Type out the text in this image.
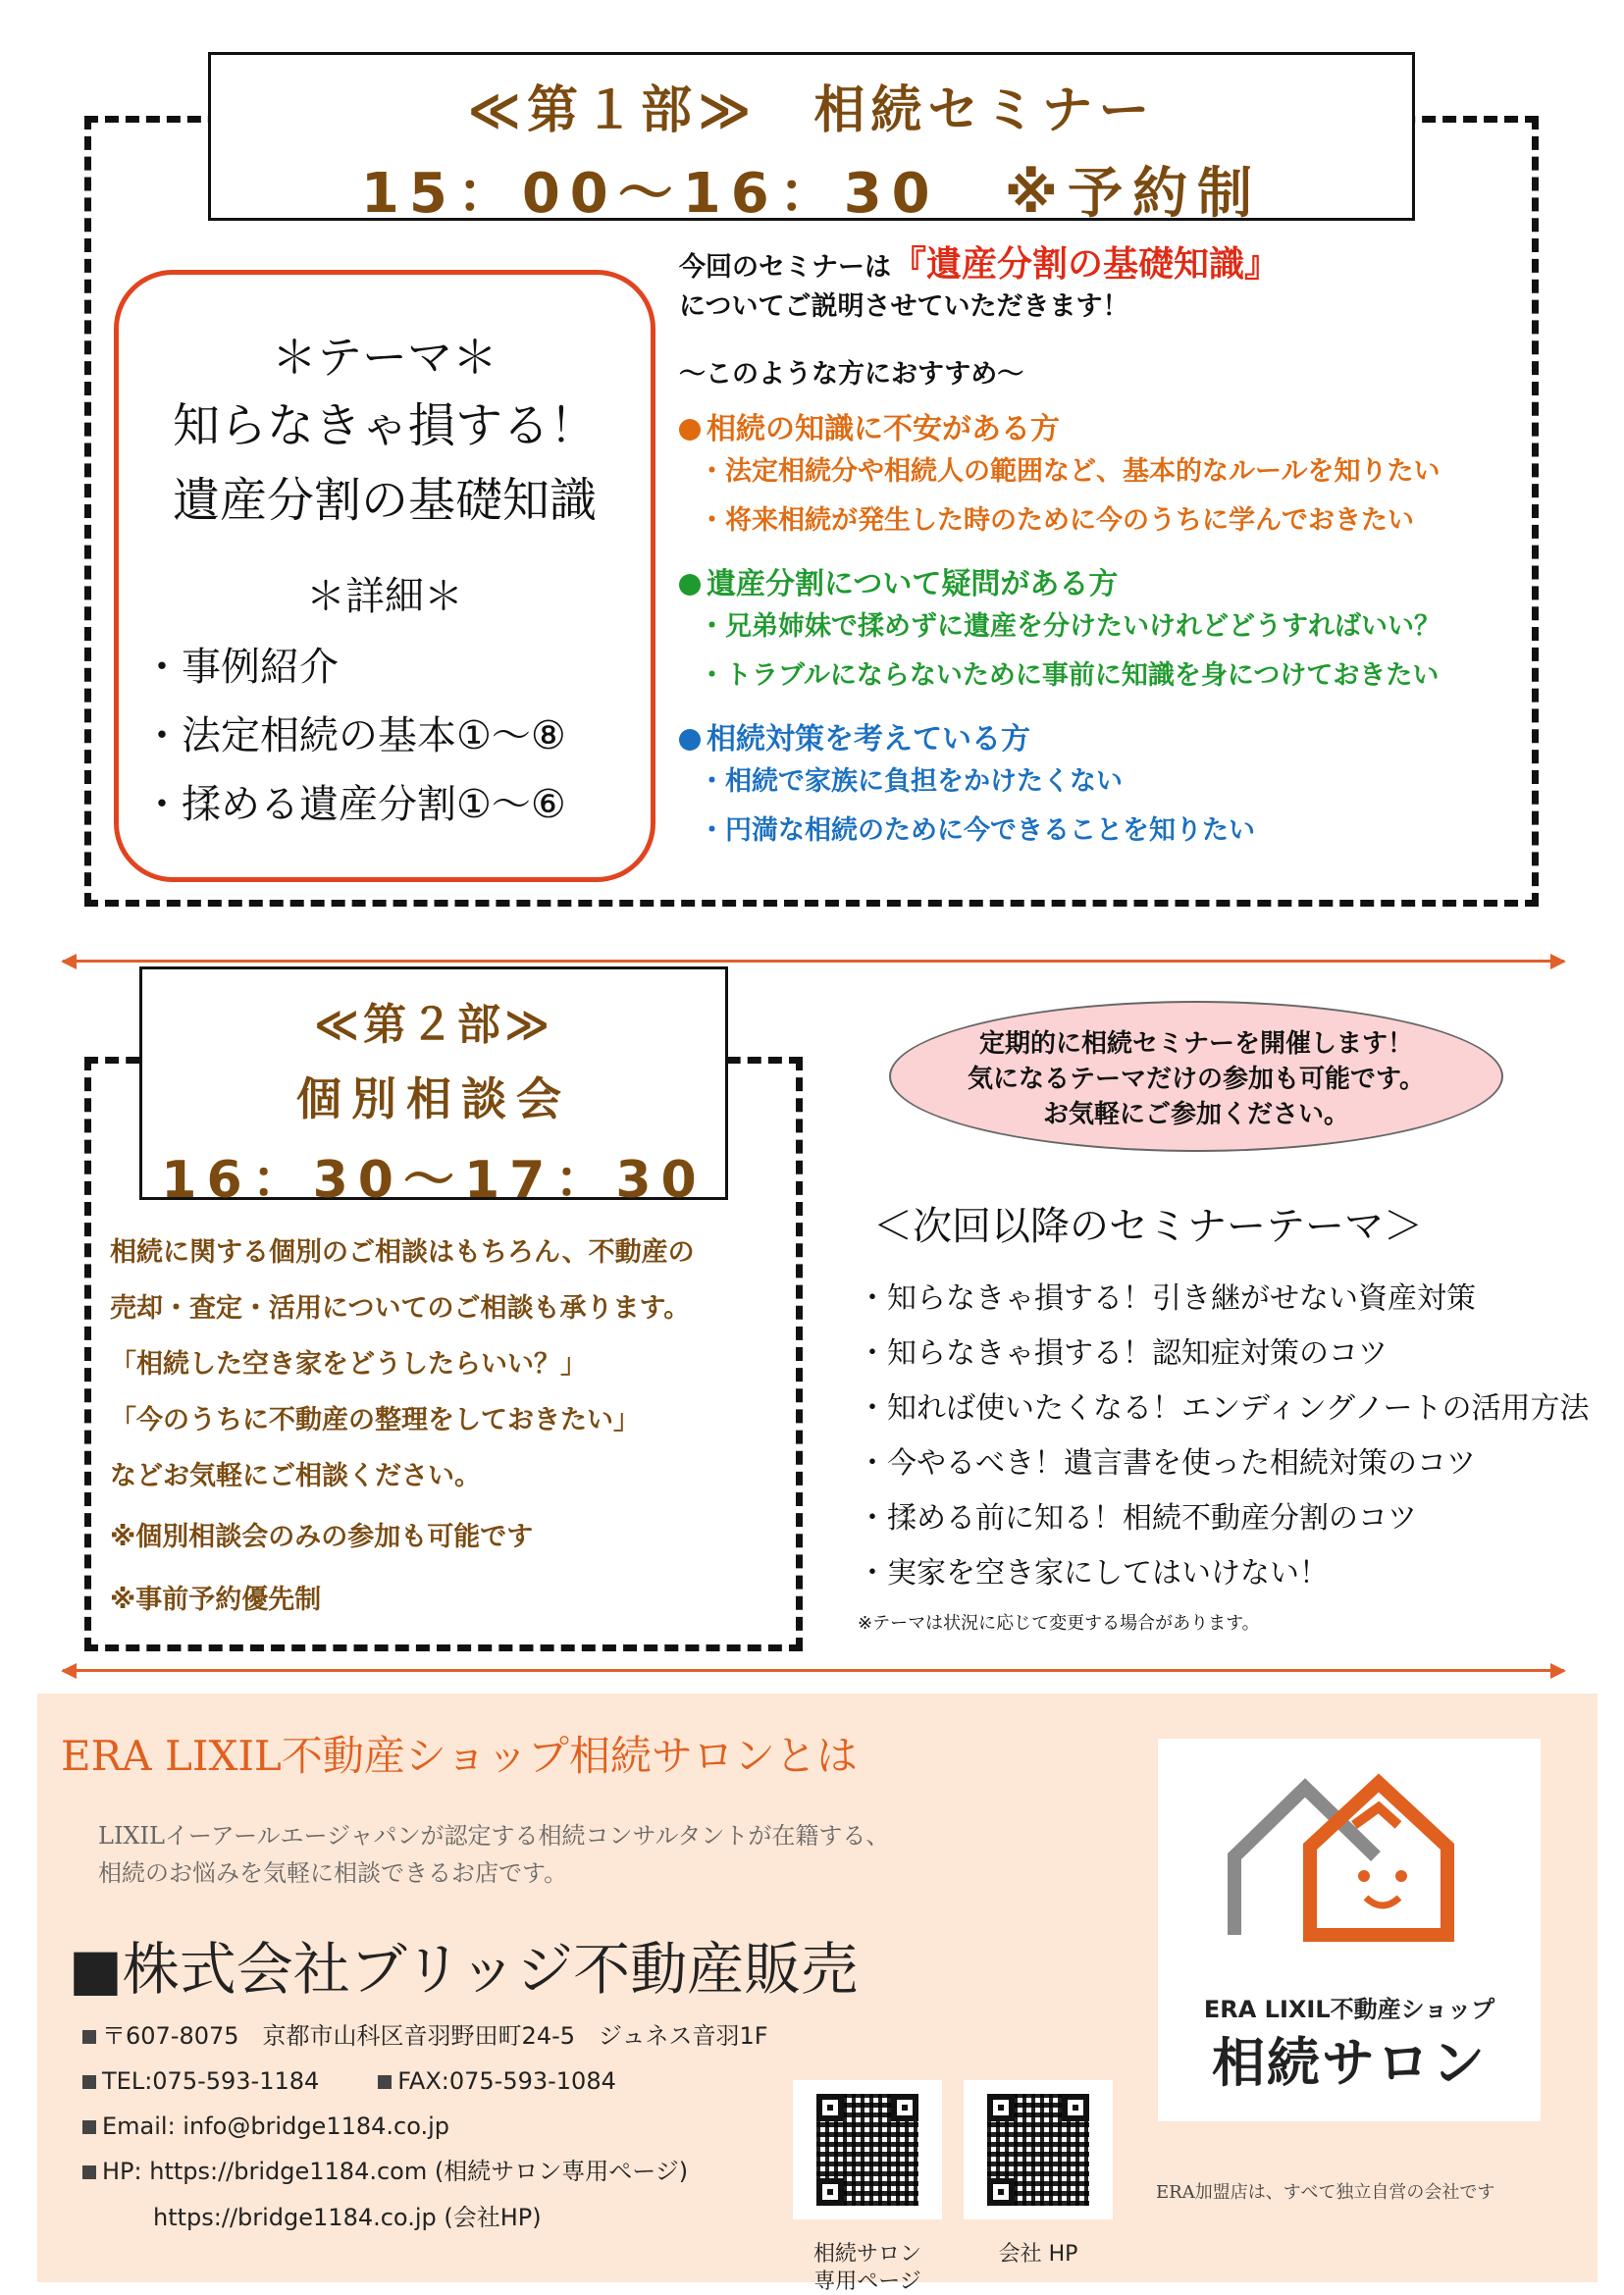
≪第１部≫　相続セミナー
15：00～16：30　※予約制
＊テーマ＊
知らなきゃ損する！
遺産分割の基礎知識
＊詳細＊
・事例紹介
・法定相続の基本①～⑧
・揉める遺産分割①～⑥
今回のセミナーは『遺産分割の基礎知識』
についてご説明させていただきます！
～このような方におすすめ～
相続の知識に不安がある方
・法定相続分や相続人の範囲など、基本的なルールを知りたい
・将来相続が発生した時のために今のうちに学んでおきたい
遺産分割について疑問がある方
・兄弟姉妹で揉めずに遺産を分けたいけれどどうすればいい？
・トラブルにならないために事前に知識を身につけておきたい
相続対策を考えている方
・相続で家族に負担をかけたくない
・円満な相続のために今できることを知りたい
≪第２部≫
個別相談会
16：30～17：30

相続に関する個別のご相談はもちろん、不動産の

売却・査定・活用についてのご相談も承ります。

「相続した空き家をどうしたらいい？」

「今のうちに不動産の整理をしておきたい」

などお気軽にご相談ください。

※個別相談会のみの参加も可能です

※事前予約優先制

定期的に相続セミナーを開催します！

気になるテーマだけの参加も可能です。

お気軽にご参加ください。

＜次回以降のセミナーテーマ＞
・知らなきゃ損する！引き継がせない資産対策
・知らなきゃ損する！認知症対策のコツ
・知れば使いたくなる！エンディングノートの活用方法
・今やるべき！遺言書を使った相続対策のコツ
・揉める前に知る！相続不動産分割のコツ
・実家を空き家にしてはいけない！
※テーマは状況に応じて変更する場合があります。
ERA LIXIL不動産ショップ相続サロンとは
LIXILイーアールエージャパンが認定する相続コンサルタントが在籍する、
相続のお悩みを気軽に相談できるお店です。
■株式会社ブリッジ不動産販売
〒607-8075　京都市山科区音羽野田町24-5　ジュネス音羽1F
TEL:075-593-1184	FAX:075-593-1084
Email: info@bridge1184.co.jp
HP: https://bridge1184.com (相続サロン専用ページ)
https://bridge1184.co.jp (会社HP)
相続サロン
専用ページ
会社 HP
ERA LIXIL不動産ショップ
相続サロン
ERA加盟店は、すべて独立自営の会社です
